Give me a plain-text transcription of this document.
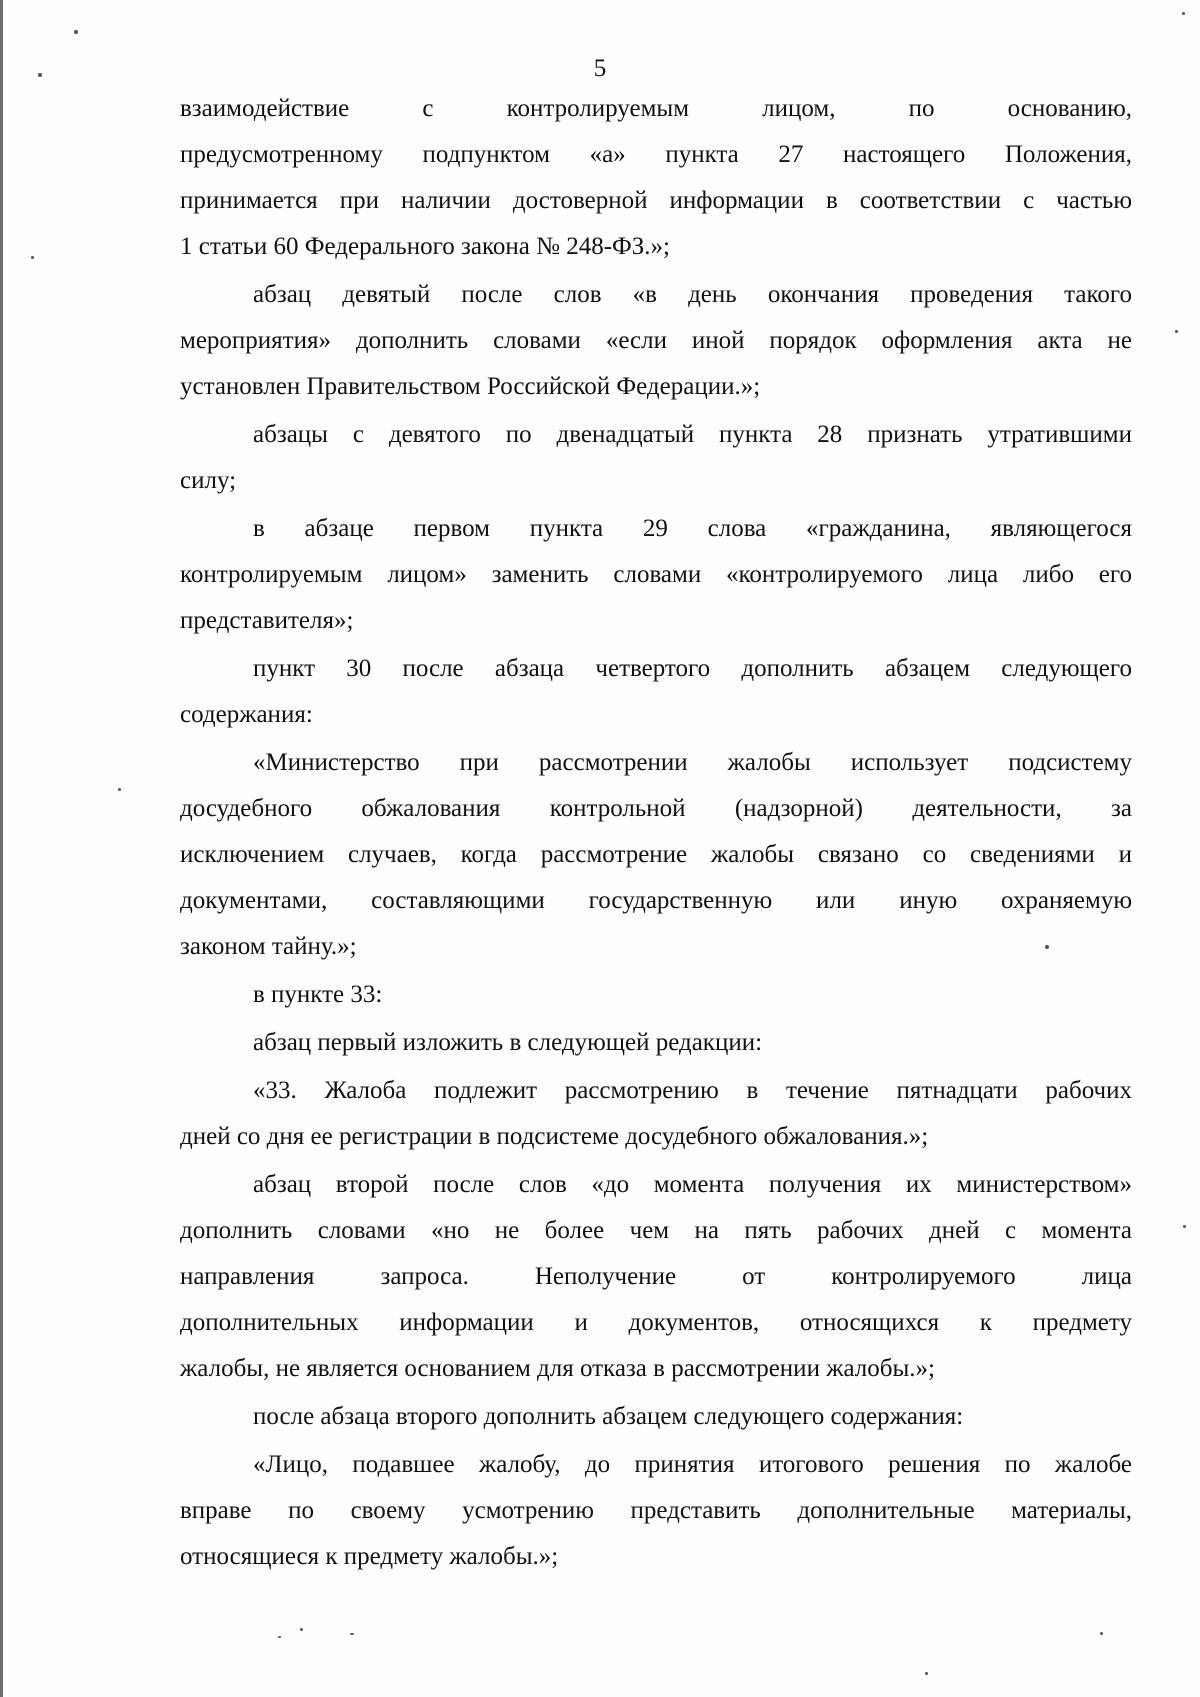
5

взаимодействие с контролируемым лицом, по основанию,
предусмотренному подпунктом «а» пункта 27 настоящего Положения,
принимается при наличии достоверной информации в соответствии с частью
1 статьи 60 Федерального закона № 248-ФЗ.»;

абзац девятый после слов «в день окончания проведения такого
мероприятия» дополнить словами «если иной порядок оформления акта не
установлен Правительством Российской Федерации.»;

абзацы с девятого по двенадцатый пункта 28 признать утратившими
силу;

в абзаце первом пункта 29 слова «гражданина, являющегося
контролируемым лицом» заменить словами «контролируемого лица либо его
представителя»;

пункт 30 после абзаца четвертого дополнить абзацем следующего
содержания:

«Министерство при рассмотрении жалобы использует подсистему
досудебного обжалования контрольной (надзорной) деятельности, за
исключением случаев, когда рассмотрение жалобы связано со сведениями и
документами, составляющими государственную или иную охраняемую
законом тайну.»;

в пункте 33:

абзац первый изложить в следующей редакции:

«33. Жалоба подлежит рассмотрению в течение пятнадцати рабочих
дней со дня ее регистрации в подсистеме досудебного обжалования.»;

абзац второй после слов «до момента получения их министерством»
дополнить словами «но не более чем на пять рабочих дней с момента
направления запроса. Неполучение от контролируемого лица
дополнительных информации и документов, относящихся к предмету
жалобы, не является основанием для отказа в рассмотрении жалобы.»;

после абзаца второго дополнить абзацем следующего содержания:

«Лицо, подавшее жалобу, до принятия итогового решения по жалобе
вправе по своему усмотрению представить дополнительные материалы,
относящиеся к предмету жалобы.»;
